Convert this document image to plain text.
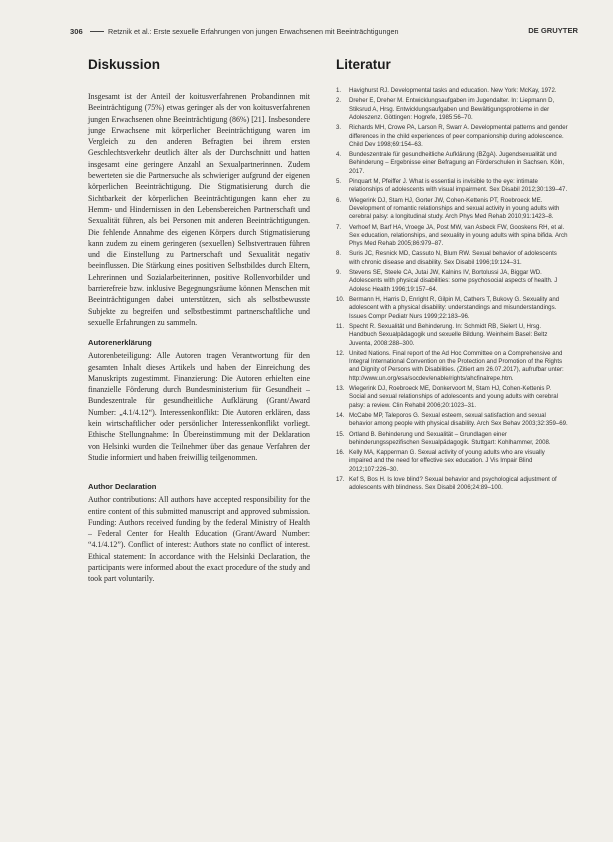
306	Retznik et al.: Erste sexuelle Erfahrungen von jungen Erwachsenen mit Beeinträchtigungen	DE GRUYTER
Diskussion

Insgesamt ist der Anteil der koitusverfahrenen Probandinnen mit Beeinträchtigung (75%) etwas geringer als der von koitusverfahrenen jungen Erwachsenen ohne Beeinträchtigung (86%) [21]. Insbesondere junge Erwachsene mit körperlicher Beeinträchtigung waren im Vergleich zu den anderen Befragten bei ihrem ersten Geschlechtsverkehr deutlich älter als der Durchschnitt und hatten insgesamt eine geringere Anzahl an Sexualpartnerinnen. Zudem bewerteten sie die Partnersuche als schwieriger aufgrund der eigenen körperlichen Beeinträchtigung. Die Stigmatisierung durch die Sichtbarkeit der körperlichen Beeinträchtigungen kann eher zu Hemm- und Hindernissen in den Lebensbereichen Partnerschaft und Sexualität führen, als bei Personen mit anderen Beeinträchtigungen. Die fehlende Annahme des eigenen Körpers durch Stigmatisierung kann zudem zu einem geringeren (sexuellen) Selbstvertrauen führen und die Einstellung zu Partnerschaft und Sexualität negativ beeinflussen. Die Stärkung eines positiven Selbstbildes durch Eltern, Lehrerinnen und Sozialarbeiterinnen, positive Rollenvorbilder und barrierefreie bzw. inklusive Begegnungsräume können Menschen mit Beeinträchtigungen dabei unterstützen, sich als selbstbewusste Subjekte zu begreifen und selbstbestimmt partnerschaftliche und sexuelle Erfahrungen zu sammeln.

Autorenerklärung

Autorenbeteiligung: Alle Autoren tragen Verantwortung für den gesamten Inhalt dieses Artikels und haben der Einreichung des Manuskripts zugestimmt. Finanzierung: Die Autoren erhielten eine finanzielle Förderung durch Bundesministerium für Gesundheit – Bundeszentrale für gesundheitliche Aufklärung (Grant/Award Number: „4.1/4.12“). Interessenkonflikt: Die Autoren erklären, dass kein wirtschaftlicher oder persönlicher Interessenkonflikt vorliegt. Ethische Stellungnahme: In Übereinstimmung mit der Deklaration von Helsinki wurden die Teilnehmer über das genaue Verfahren der Studie informiert und haben freiwillig teilgenommen.

Author Declaration

Author contributions: All authors have accepted responsibility for the entire content of this submitted manuscript and approved submission. Funding: Authors received funding by the federal Ministry of Health – Federal Center for Health Education (Grant/Award Number: “4.1/4.12”). Conflict of interest: Authors state no conflict of interest. Ethical statement: In accordance with the Helsinki Declaration, the participants were informed about the exact procedure of the study and took part voluntarily.

Literatur
1. Havighurst RJ. Developmental tasks and education. New York: McKay, 1972.
2. Dreher E, Dreher M. Entwicklungsaufgaben im Jugendalter. In: Liepmann D, Stiksrud A, Hrsg. Entwicklungsaufgaben und Bewältigungsprobleme in der Adoleszenz. Göttingen: Hogrefe, 1985:56–70.
3. Richards MH, Crowe PA, Larson R, Swarr A. Developmental patterns and gender differences in the child experiences of peer companionship during adolescence. Child Dev 1998;69:154–63.
4. Bundeszentrale für gesundheitliche Aufklärung (BZgA). Jugendsexualität und Behinderung – Ergebnisse einer Befragung an Förderschulen in Sachsen. Köln, 2017.
5. Pinquart M, Pfeiffer J. What is essential is invisible to the eye: intimate relationships of adolescents with visual impairment. Sex Disabil 2012;30:139–47.
6. Wiegerink DJ, Stam HJ, Gorter JW, Cohen-Kettenis PT, Roebroeck ME. Development of romantic relationships and sexual activity in young adults with cerebral palsy: a longitudinal study. Arch Phys Med Rehab 2010;91:1423–8.
7. Verhoef M, Barf HA, Vroege JA, Post MW, van Asbeck FW, Gooskens RH, et al. Sex education, relationships, and sexuality in young adults with spina bifida. Arch Phys Med Rehab 2005;86:979–87.
8. Suris JC, Resnick MD, Cassuto N, Blum RW. Sexual behavior of adolescents with chronic disease and disability. Sex Disabil 1996;19:124–31.
9. Stevens SE, Steele CA, Jutai JW, Kalnins IV, Bortolussi JA, Biggar WD. Adolescents with physical disabilities: some psychosocial aspects of health. J Adolesc Health 1996;19:157–64.
10. Bermann H, Harris D, Enright R, Gilpin M, Cathers T, Bukovy G. Sexuality and adolescent with a physical disability: understandings and misunderstandings. Issues Compr Pediatr Nurs 1999;22:183–96.
11. Specht R. Sexualität und Behinderung. In: Schmidt RB, Sielert U, Hrsg. Handbuch Sexualpädagogik und sexuelle Bildung. Weinheim Basel: Beltz Juventa, 2008:288–300.
12. United Nations. Final report of the Ad Hoc Committee on a Comprehensive and Integral International Convention on the Protection and Promotion of the Rights and Dignity of Persons with Disabilities. (Zitiert am 26.07.2017), aufrufbar unter: http://www.un.org/esa/socdev/enable/rights/ahcfinalrepe.htm.
13. Wiegerink DJ, Roebroeck ME, Donkervoort M, Stam HJ, Cohen-Kettenis P. Social and sexual relationships of adolescents and young adults with cerebral palsy: a review. Clin Rehabil 2006;20:1023–31.
14. McCabe MP, Taleporos G. Sexual esteem, sexual satisfaction and sexual behavior among people with physical disability. Arch Sex Behav 2003;32:359–69.
15. Ortland B. Behinderung und Sexualität – Grundlagen einer behinderungsspezifischen Sexualpädagogik. Stuttgart: Kohlhammer, 2008.
16. Kelly MA, Kapperman G. Sexual activity of young adults who are visually impaired and the need for effective sex education. J Vis Impair Blind 2012;107:226–30.
17. Kef S, Bos H. Is love blind? Sexual behavior and psychological adjustment of adolescents with blindness. Sex Disabil 2006;24:89–100.
